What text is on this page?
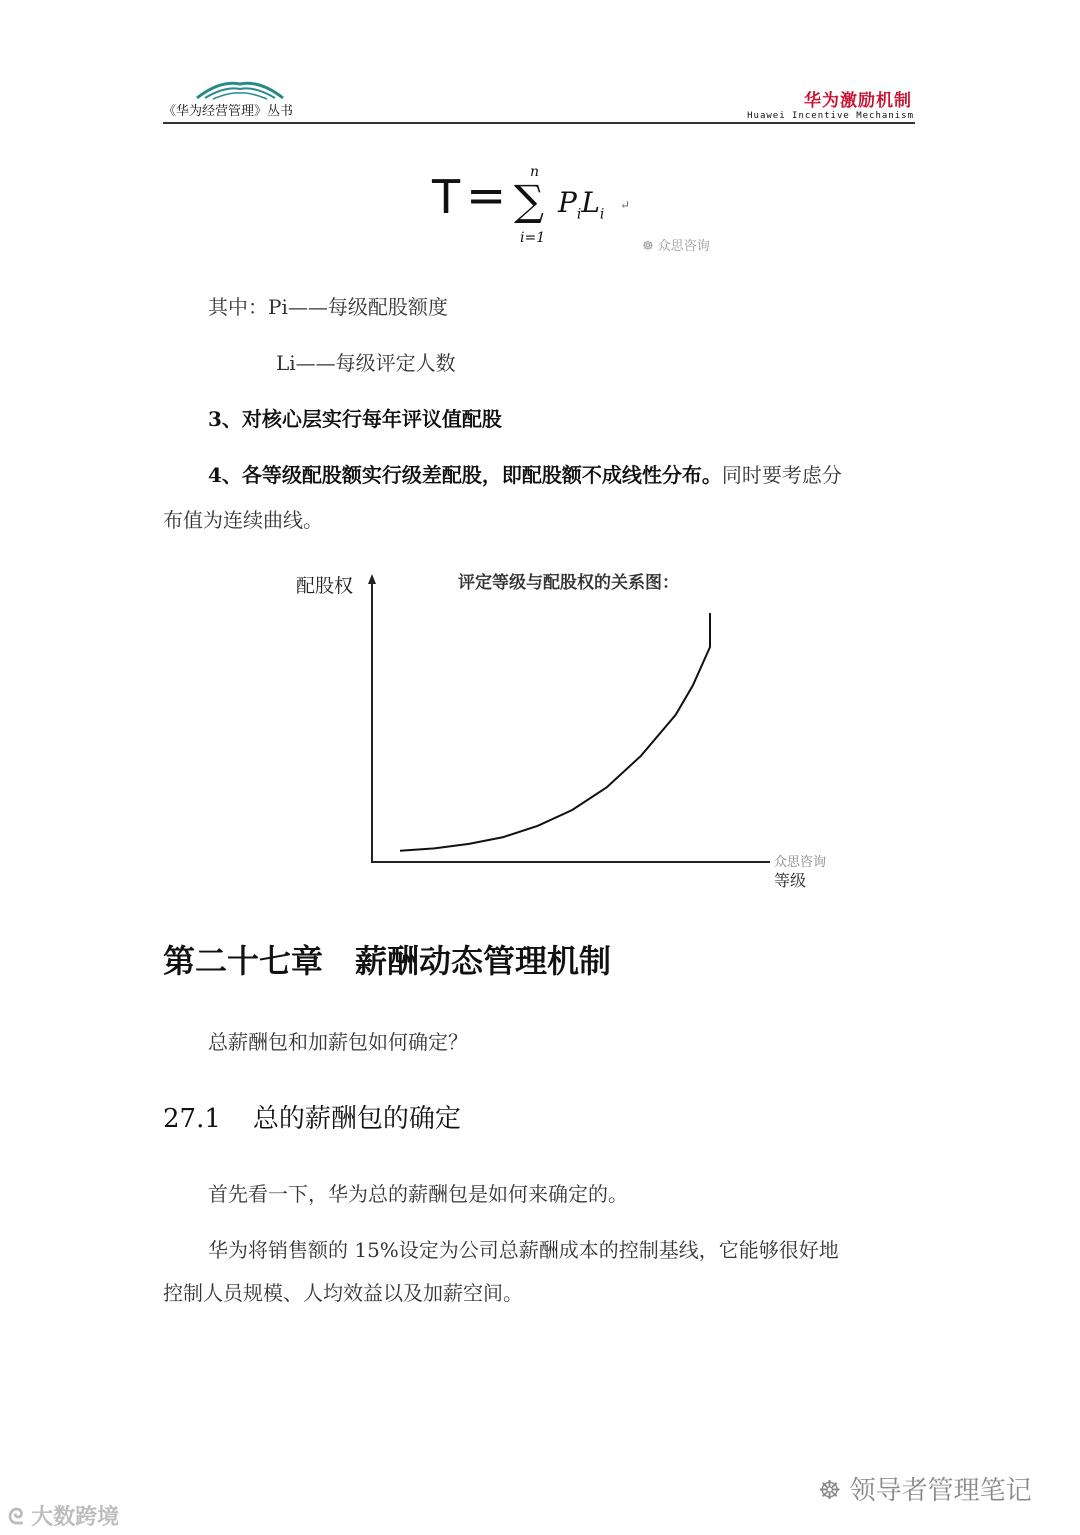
《华为经营管理》丛书
华为激励机制
Huawei Incentive Mechanism
T = n
∑
i=1
$P_iL_i$
↵
☸ 众思咨询
其中：Pi——每级配股额度
Li——每级评定人数
3、对核心层实行每年评议值配股
4、各等级配股额实行级差配股，即配股额不成线性分布。同时要考虑分
布值为连续曲线。
配股权	评定等级与配股权的关系图：
众思咨询
等级
第二十七章　薪酬动态管理机制
总薪酬包和加薪包如何确定？
27.1 总的薪酬包的确定
首先看一下，华为总的薪酬包是如何来确定的。
华为将销售额的 15%设定为公司总薪酬成本的控制基线，它能够很好地
控制人员规模、人均效益以及加薪空间。
ᘓ 大数跨境
☸ 领导者管理笔记
